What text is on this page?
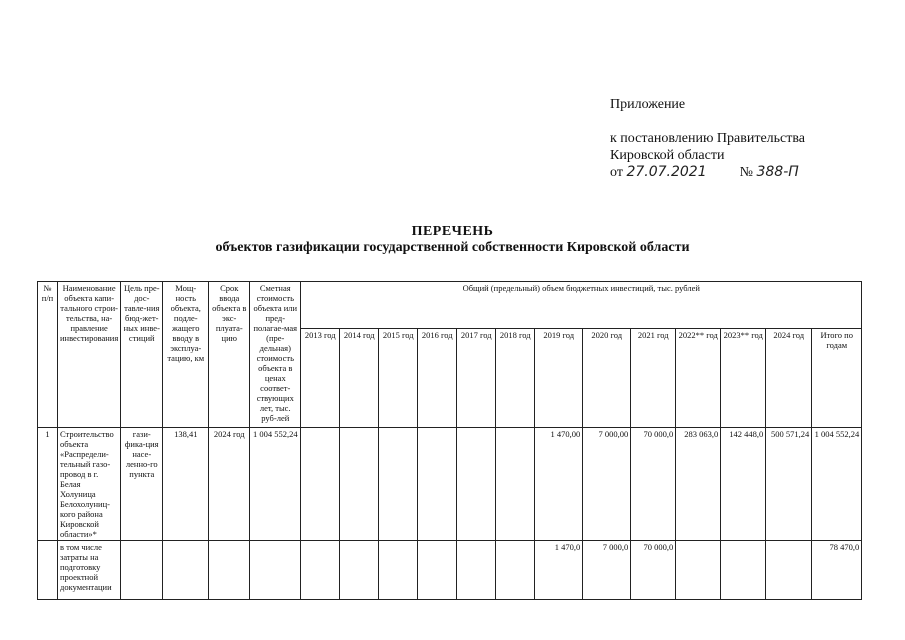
Приложение
к постановлению Правительства
Кировской области
от 27.07.2021 № 388-П
ПЕРЕЧЕНЬ
объектов газификации государственной собственности Кировской области
№ п/п	Наименование объекта капи-тального строи-тельства, на-правление инвестирования	Цель пре-дос-тавле-ния бюд-жет-ных инве-стиций	Мощ-ность объекта, подле-жащего вводу в эксплуа-тацию, км	Срок ввода объекта в экс-плуата-цию	Сметная стоимость объекта или пред-полагае-мая (пре-дельная) стоимость объекта в ценах соответ-ствующих лет, тыс. руб-лей	Общий (предельный) объем бюджетных инвестиций, тыс. рублей												
						2013 год	2014 год	2015 год	2016 год	2017 год	2018 год	2019 год	2020 год	2021 год	2022** год	2023** год	2024 год	Итого по годам
1	Строительство объекта «Распредели-тельный газо-провод в г. Белая Холуница Белохолуниц-кого района Кировской области»*	гази-фика-ция насе-ленно-го пункта	138,41	2024 год	1 004 552,24							1 470,00	7 000,00	70 000,0	283 063,0	142 448,0	500 571,24	1 004 552,24
	в том числе затраты на подготовку проектной документации											1 470,0	7 000,0	70 000,0				78 470,0
